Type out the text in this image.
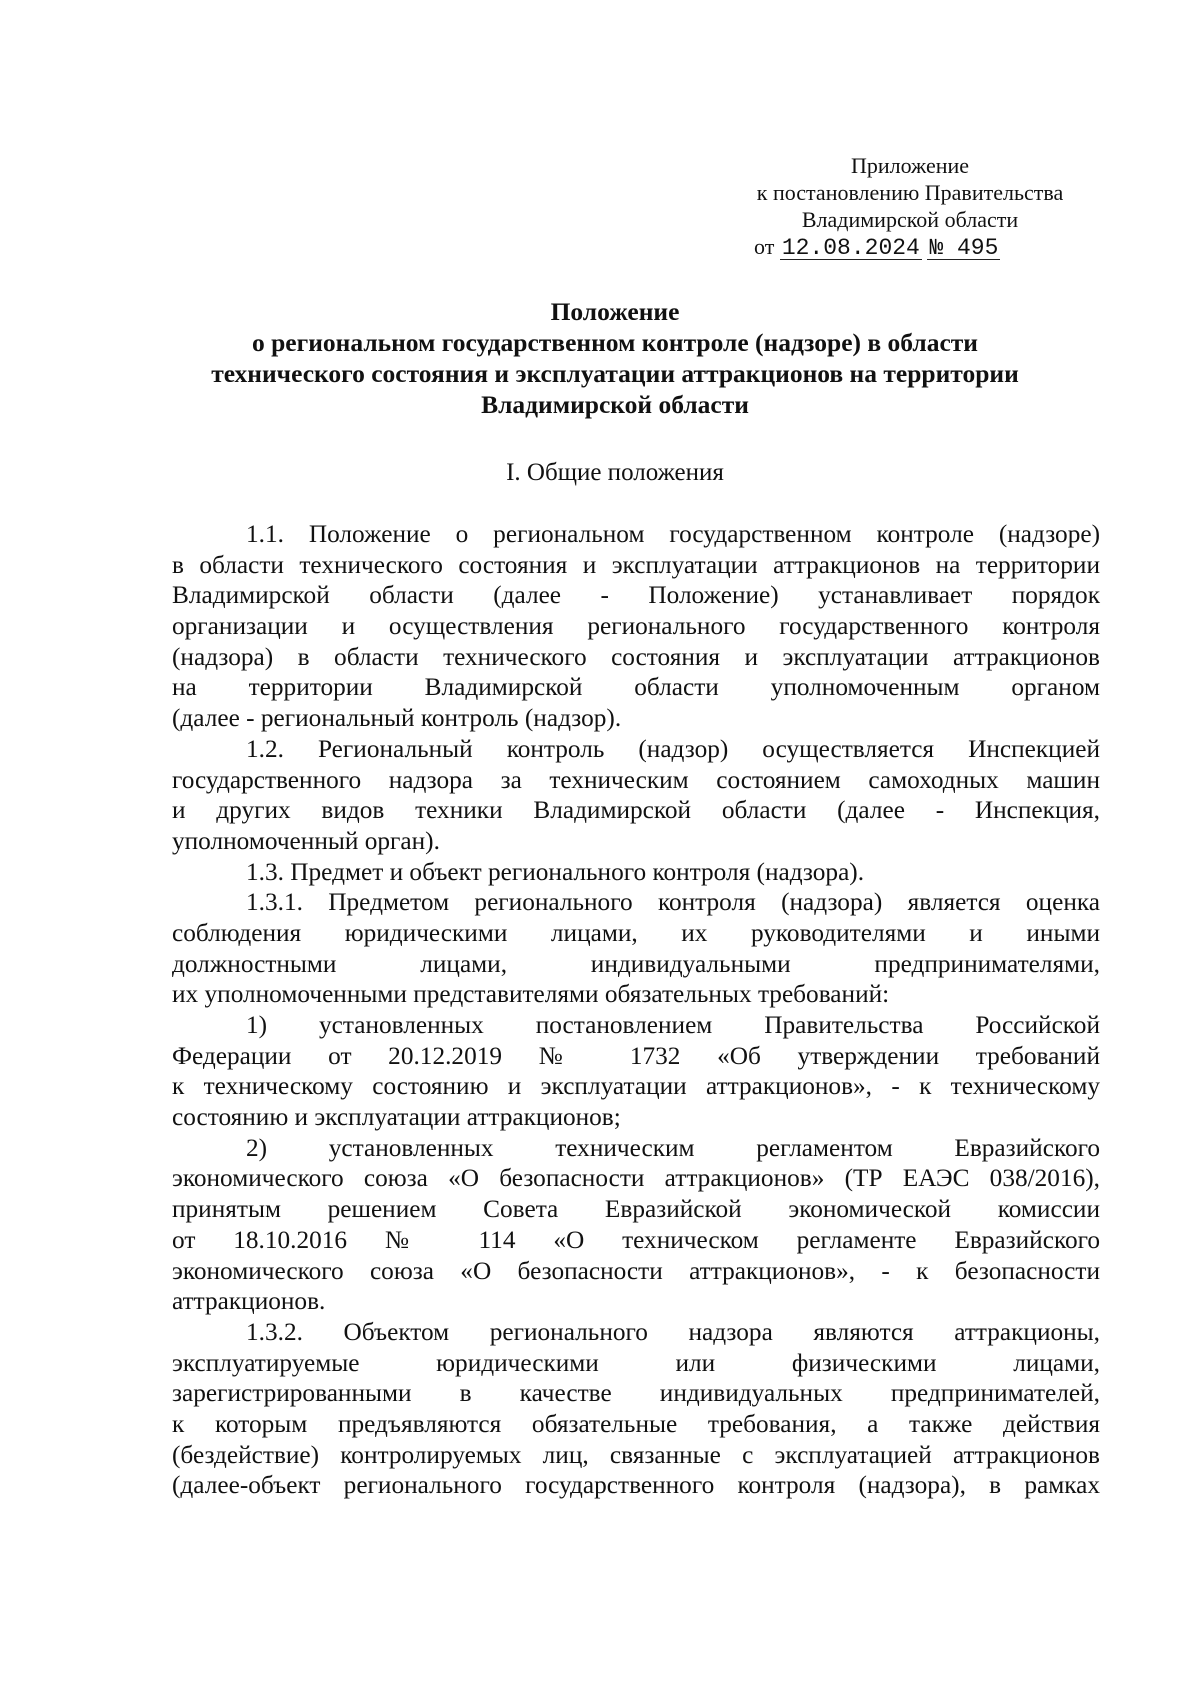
Приложение
к постановлению Правительства
Владимирской области
от 12.08.2024 № 495
Положение
о региональном государственном контроле (надзоре) в области
технического состояния и эксплуатации аттракционов на территории
Владимирской области
I. Общие положения

1.1. Положение о региональном государственном контроле (надзоре)
в области технического состояния и эксплуатации аттракционов на территории
Владимирской области (далее - Положение) устанавливает порядок
организации и осуществления регионального государственного контроля
(надзора) в области технического состояния и эксплуатации аттракционов
на территории Владимирской области уполномоченным органом
(далее - региональный контроль (надзор).

1.2. Региональный контроль (надзор) осуществляется Инспекцией
государственного надзора за техническим состоянием самоходных машин
и других видов техники Владимирской области (далее - Инспекция,
уполномоченный орган).

1.3. Предмет и объект регионального контроля (надзора).

1.3.1. Предметом регионального контроля (надзора) является оценка
соблюдения юридическими лицами, их руководителями и иными
должностными лицами, индивидуальными предпринимателями,
их уполномоченными представителями обязательных требований:

1) установленных постановлением Правительства Российской
Федерации от 20.12.2019 № 1732 «Об утверждении требований
к техническому состоянию и эксплуатации аттракционов», - к техническому
состоянию и эксплуатации аттракционов;

2) установленных техническим регламентом Евразийского
экономического союза «О безопасности аттракционов» (ТР ЕАЭС 038/2016),
принятым решением Совета Евразийской экономической комиссии
от 18.10.2016 № 114 «О техническом регламенте Евразийского
экономического союза «О безопасности аттракционов», - к безопасности
аттракционов.

1.3.2. Объектом регионального надзора являются аттракционы,
эксплуатируемые юридическими или физическими лицами,
зарегистрированными в качестве индивидуальных предпринимателей,
к которым предъявляются обязательные требования, а также действия
(бездействие) контролируемых лиц, связанные с эксплуатацией аттракционов
(далее-объект регионального государственного контроля (надзора), в рамках
